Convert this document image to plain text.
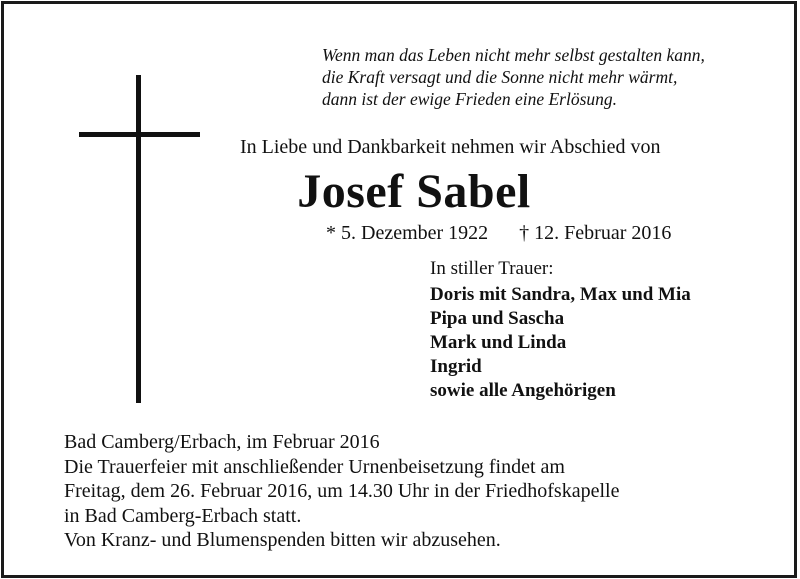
Wenn man das Leben nicht mehr selbst gestalten kann,
die Kraft versagt und die Sonne nicht mehr wärmt,
dann ist der ewige Frieden eine Erlösung.
In Liebe und Dankbarkeit nehmen wir Abschied von
Josef Sabel
* 5. Dezember 1922 † 12. Februar 2016
In stiller Trauer:
Doris mit Sandra, Max und Mia
Pipa und Sascha
Mark und Linda
Ingrid
sowie alle Angehörigen
Bad Camberg/Erbach, im Februar 2016
Die Trauerfeier mit anschließender Urnenbeisetzung findet am
Freitag, dem 26. Februar 2016, um 14.30 Uhr in der Friedhofskapelle
in Bad Camberg-Erbach statt.
Von Kranz- und Blumenspenden bitten wir abzusehen.
